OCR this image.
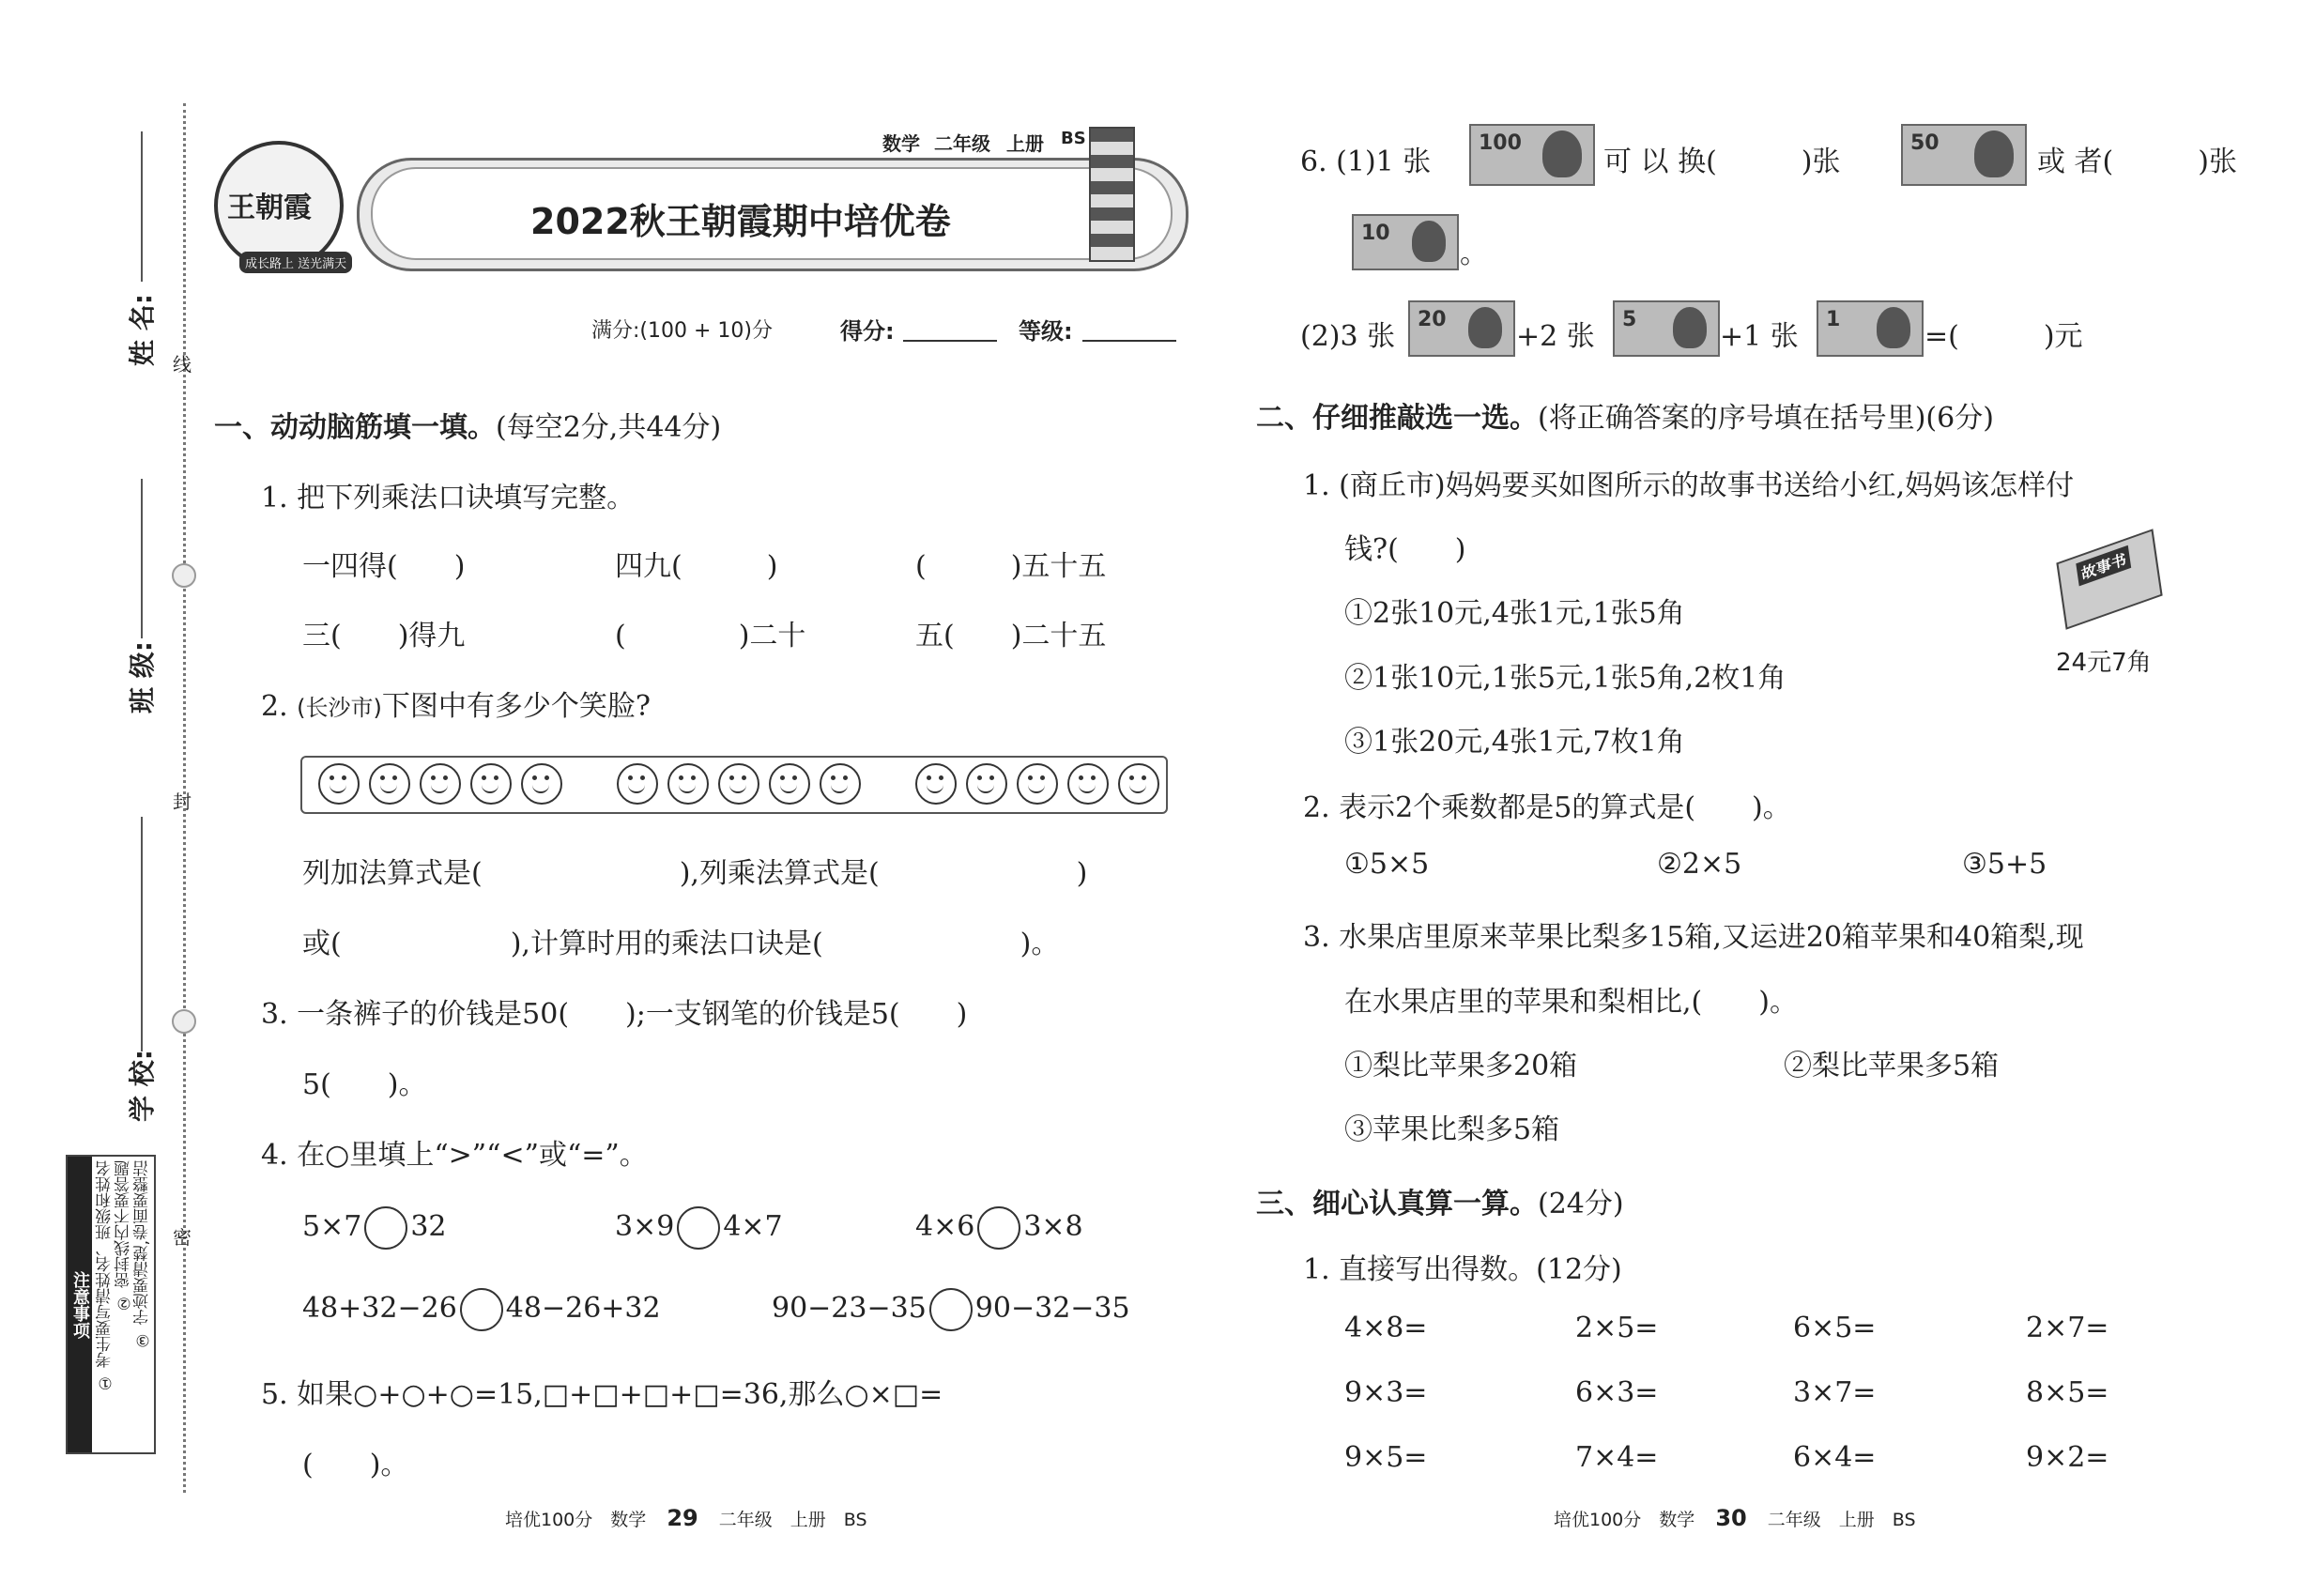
姓 名:
班 级:
学 校:
线
封
密
注意事项 ① 考生要写清姓名、班级和姓名 ② 密封线内不要答题 ③ 字迹要清楚,卷面要整洁
王朝霞
成长路上 送光满天
2022秋王朝霞期中培优卷
数学 二年级 上册 BS
满分:(100 + 10)分	得分:	等级:
一、动动脑筋填一填。(每空2分,共44分)
1. 把下列乘法口诀填写完整。
一四得(　　)	四九(　　　)	(　　　)五十五
三(　　)得九	(　　　　)二十	五(　　)二十五
2. (长沙市)下图中有多少个笑脸?
列加法算式是(　　　　　　　),列乘法算式是(　　　　　　　)
或(　　　　　　),计算时用的乘法口诀是(　　　　　　　)。
3. 一条裤子的价钱是50(　　);一支钢笔的价钱是5(　　)
5(　　)。
4. 在○里填上“>”“<”或“=”。
5×7 32	3×9 4×7	4×6 3×8
48+32−26 48−26+32	90−23−35 90−32−35
5. 如果○+○+○=15,□+□+□+□=36,那么○×□=
(　　)。
培优100分　数学 29 二年级　上册　BS
6. (1)1 张
100
可 以 换(　　　)张
50
或 者(　　　)张
10
。
(2)3 张
20
+2 张
5
+1 张
1
=(　　　)元
二、仔细推敲选一选。(将正确答案的序号填在括号里)(6分)
1. (商丘市)妈妈要买如图所示的故事书送给小红,妈妈该怎样付
钱?(　　)
①2张10元,4张1元,1张5角
②1张10元,1张5元,1张5角,2枚1角
③1张20元,4张1元,7枚1角
故事书
24元7角
2. 表示2个乘数都是5的算式是(　　)。
①5×5	②2×5	③5+5
3. 水果店里原来苹果比梨多15箱,又运进20箱苹果和40箱梨,现
在水果店里的苹果和梨相比,(　　)。
①梨比苹果多20箱	②梨比苹果多5箱
③苹果比梨多5箱
三、细心认真算一算。(24分)
1. 直接写出得数。(12分)
4×8=	2×5=	6×5=	2×7=
9×3=	6×3=	3×7=	8×5=
9×5=	7×4=	6×4=	9×2=
培优100分　数学 30 二年级　上册　BS
